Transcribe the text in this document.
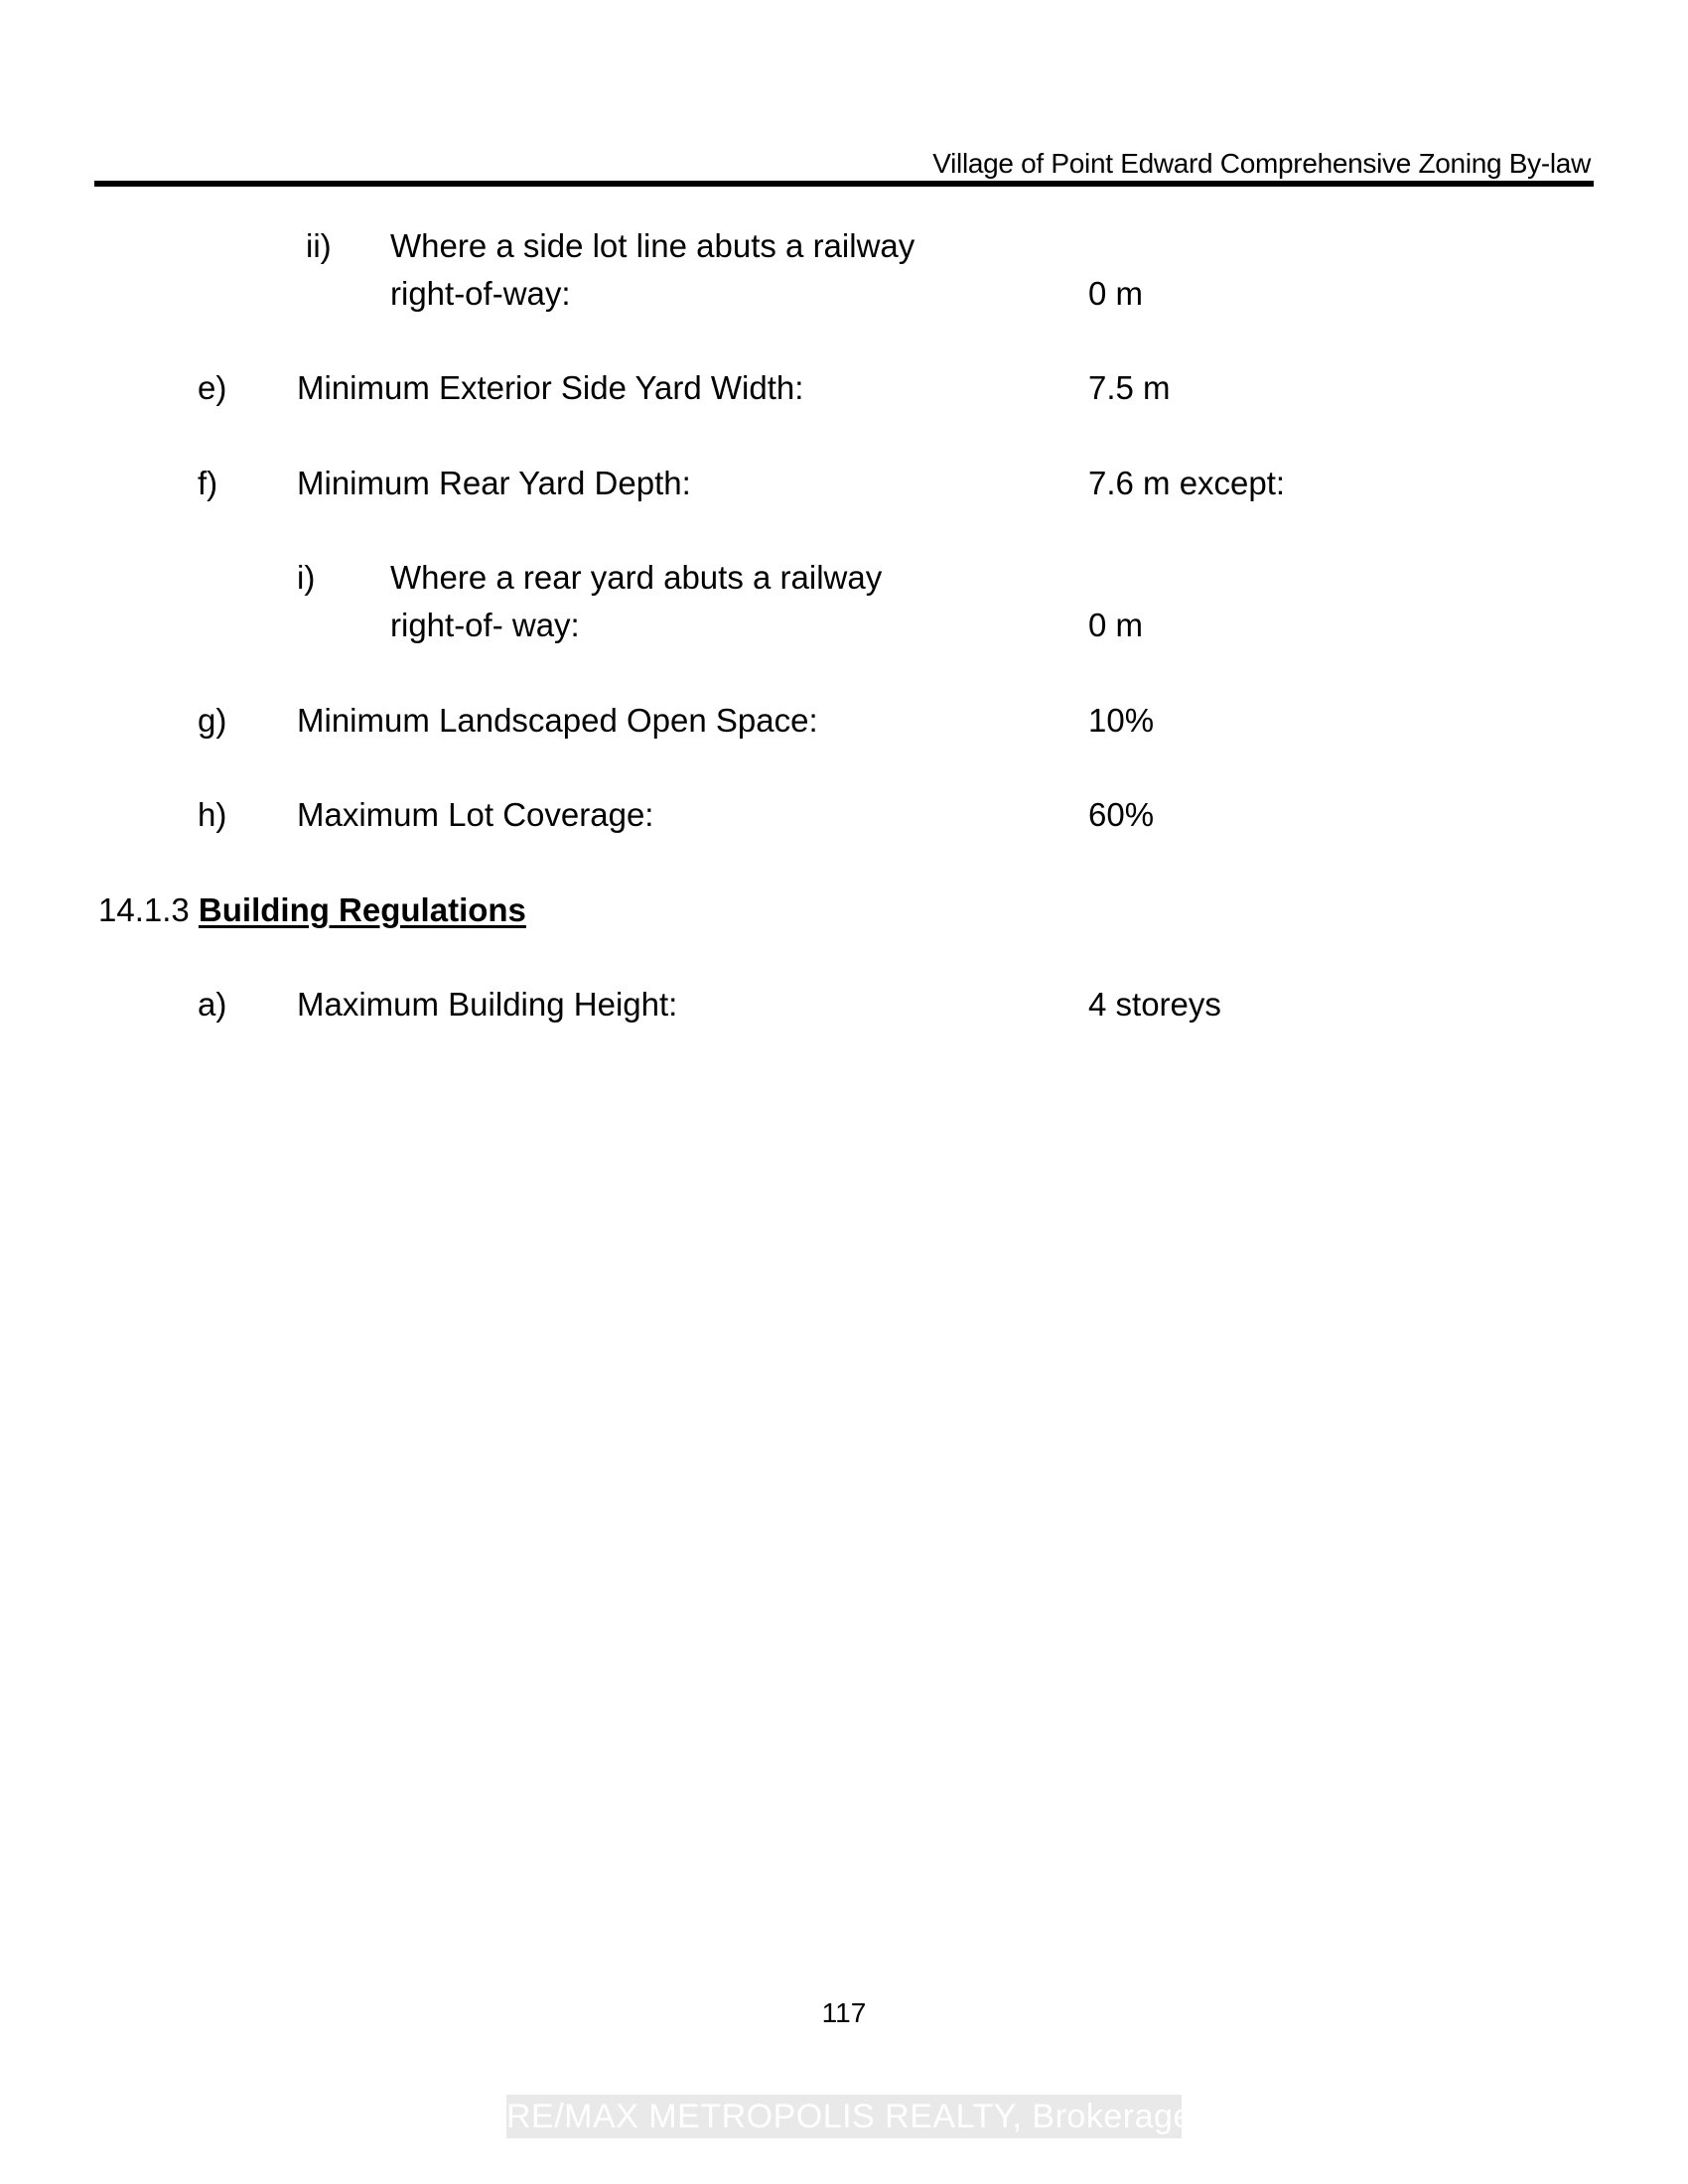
Village of Point Edward Comprehensive Zoning By-law
ii) Where a side lot line abuts a railway
right-of-way:	0 m
e) Minimum Exterior Side Yard Width:	7.5 m
f) Minimum Rear Yard Depth:	7.6 m except:
i) Where a rear yard abuts a railway
right-of- way:	0 m
g) Minimum Landscaped Open Space:	10%
h) Maximum Lot Coverage:	60%
14.1.3 Building Regulations
a) Maximum Building Height:	4 storeys
117
RE/MAX METROPOLIS REALTY, Brokerage
